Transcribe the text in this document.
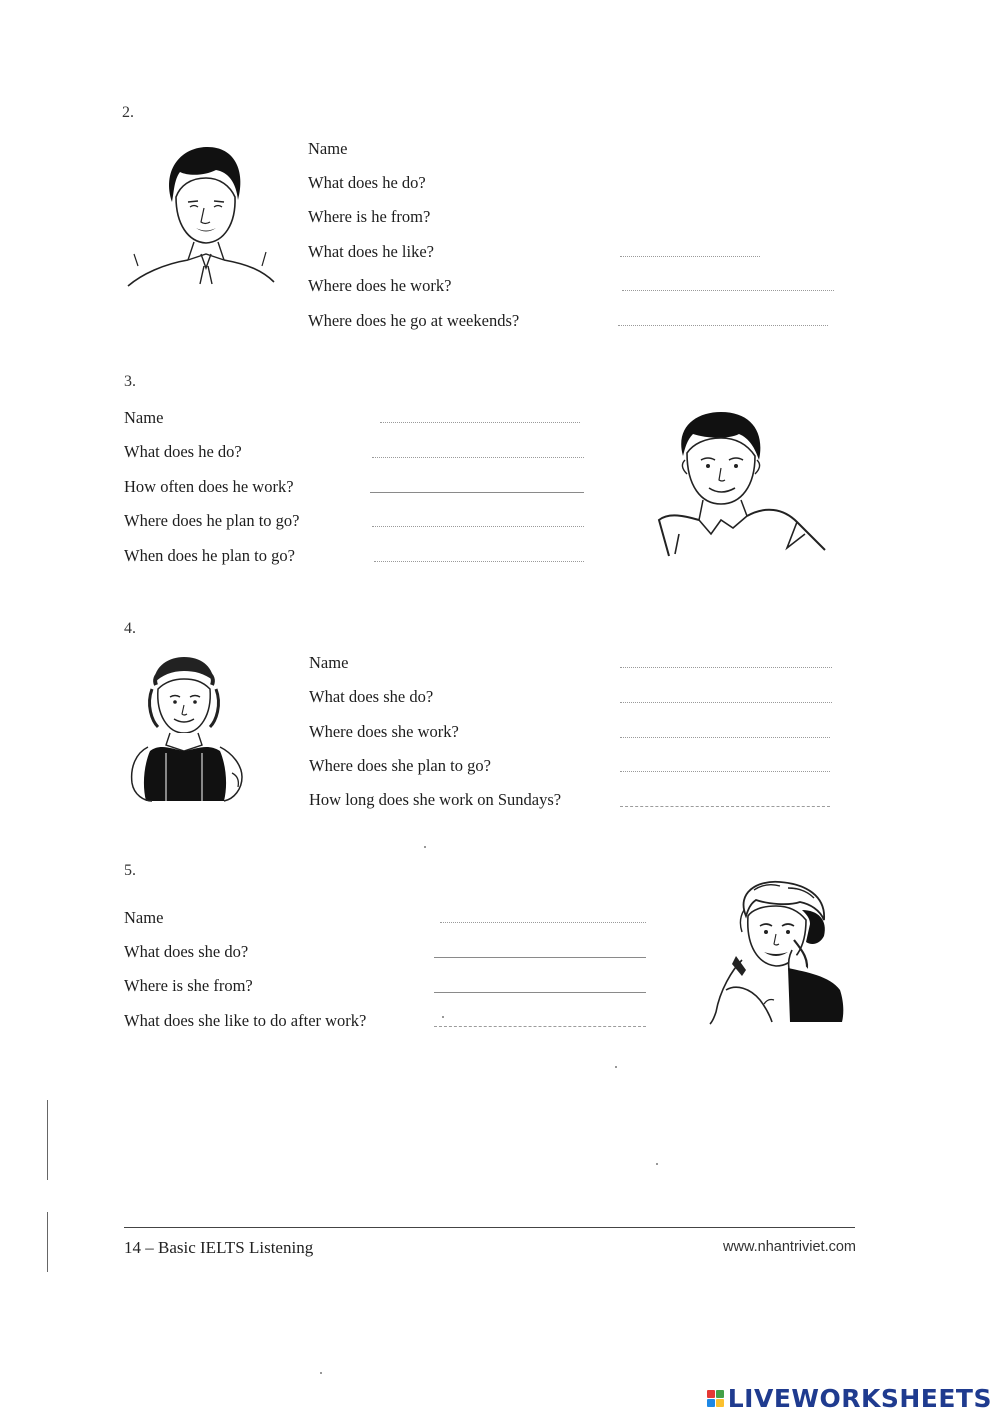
2.
Name
What does he do?
Where is he from?
What does he like?
Where does he work?
Where does he go at weekends?
3.
Name
What does he do?
How often does he work?
Where does he plan to go?
When does he plan to go?
4.
Name
What does she do?
Where does she work?
Where does she plan to go?
How long does she work on Sundays?
5.
Name
What does she do?
Where is she from?
What does she like to do after work?
14 – Basic IELTS Listening	www.nhantriviet.com
LIVEWORKSHEETS
